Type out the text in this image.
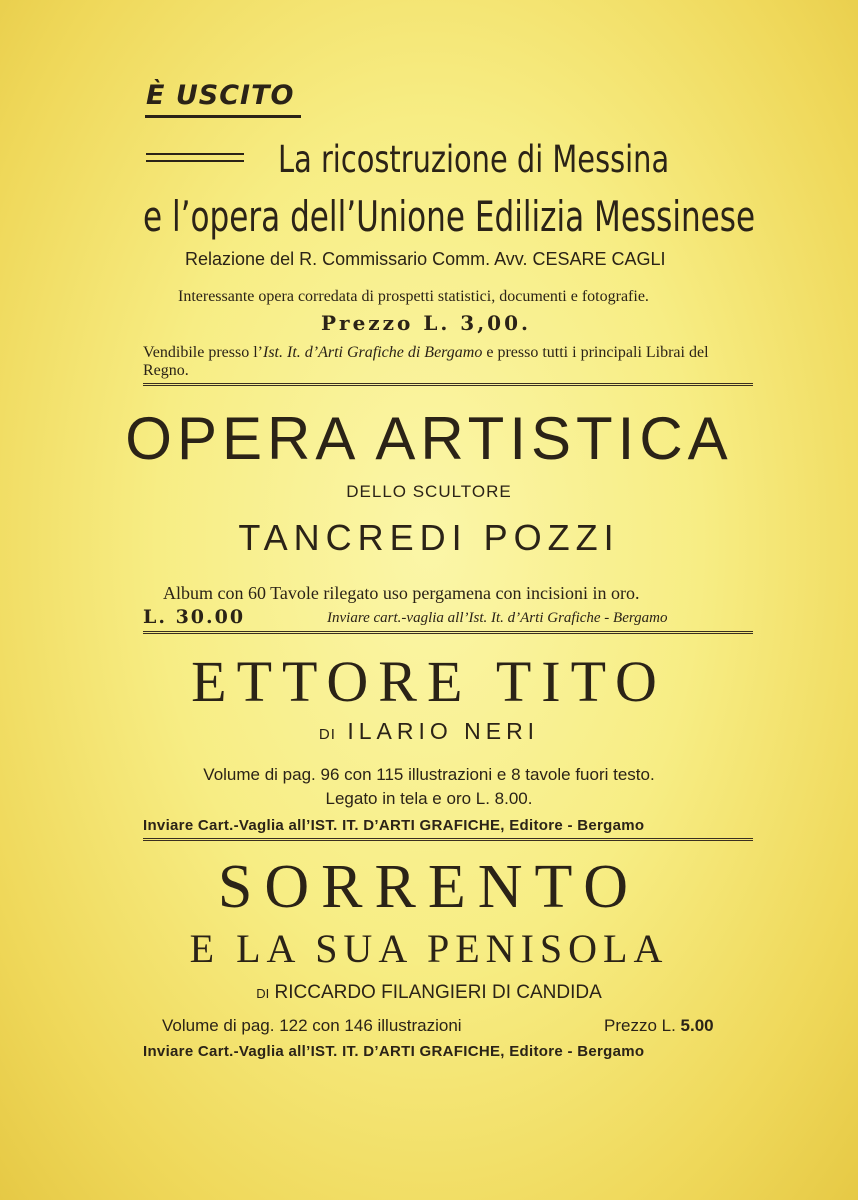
È USCITO
La ricostruzione di Messina
e l’opera dell’Unione Edilizia Messinese
Relazione del R. Commissario Comm. Avv. CESARE CAGLI
Interessante opera corredata di prospetti statistici, documenti e fotografie.
Prezzo L. 3,00.
Vendibile presso l’Ist. It. d’Arti Grafiche di Bergamo e presso tutti i principali Librai del Regno.
OPERA ARTISTICA
DELLO SCULTORE
TANCREDI POZZI
Album con 60 Tavole rilegato uso pergamena con incisioni in oro.
L. 30.00	Inviare cart.-vaglia all’Ist. It. d’Arti Grafiche - Bergamo
ETTORE TITO
DI ILARIO NERI
Volume di pag. 96 con 115 illustrazioni e 8 tavole fuori testo.
Legato in tela e oro L. 8.00.
Inviare Cart.-Vaglia all’IST. IT. D’ARTI GRAFICHE, Editore - Bergamo
SORRENTO
E LA SUA PENISOLA
DI RICCARDO FILANGIERI DI CANDIDA
Volume di pag. 122 con 146 illustrazioni	Prezzo L. 5.00
Inviare Cart.-Vaglia all’IST. IT. D’ARTI GRAFICHE, Editore - Bergamo
